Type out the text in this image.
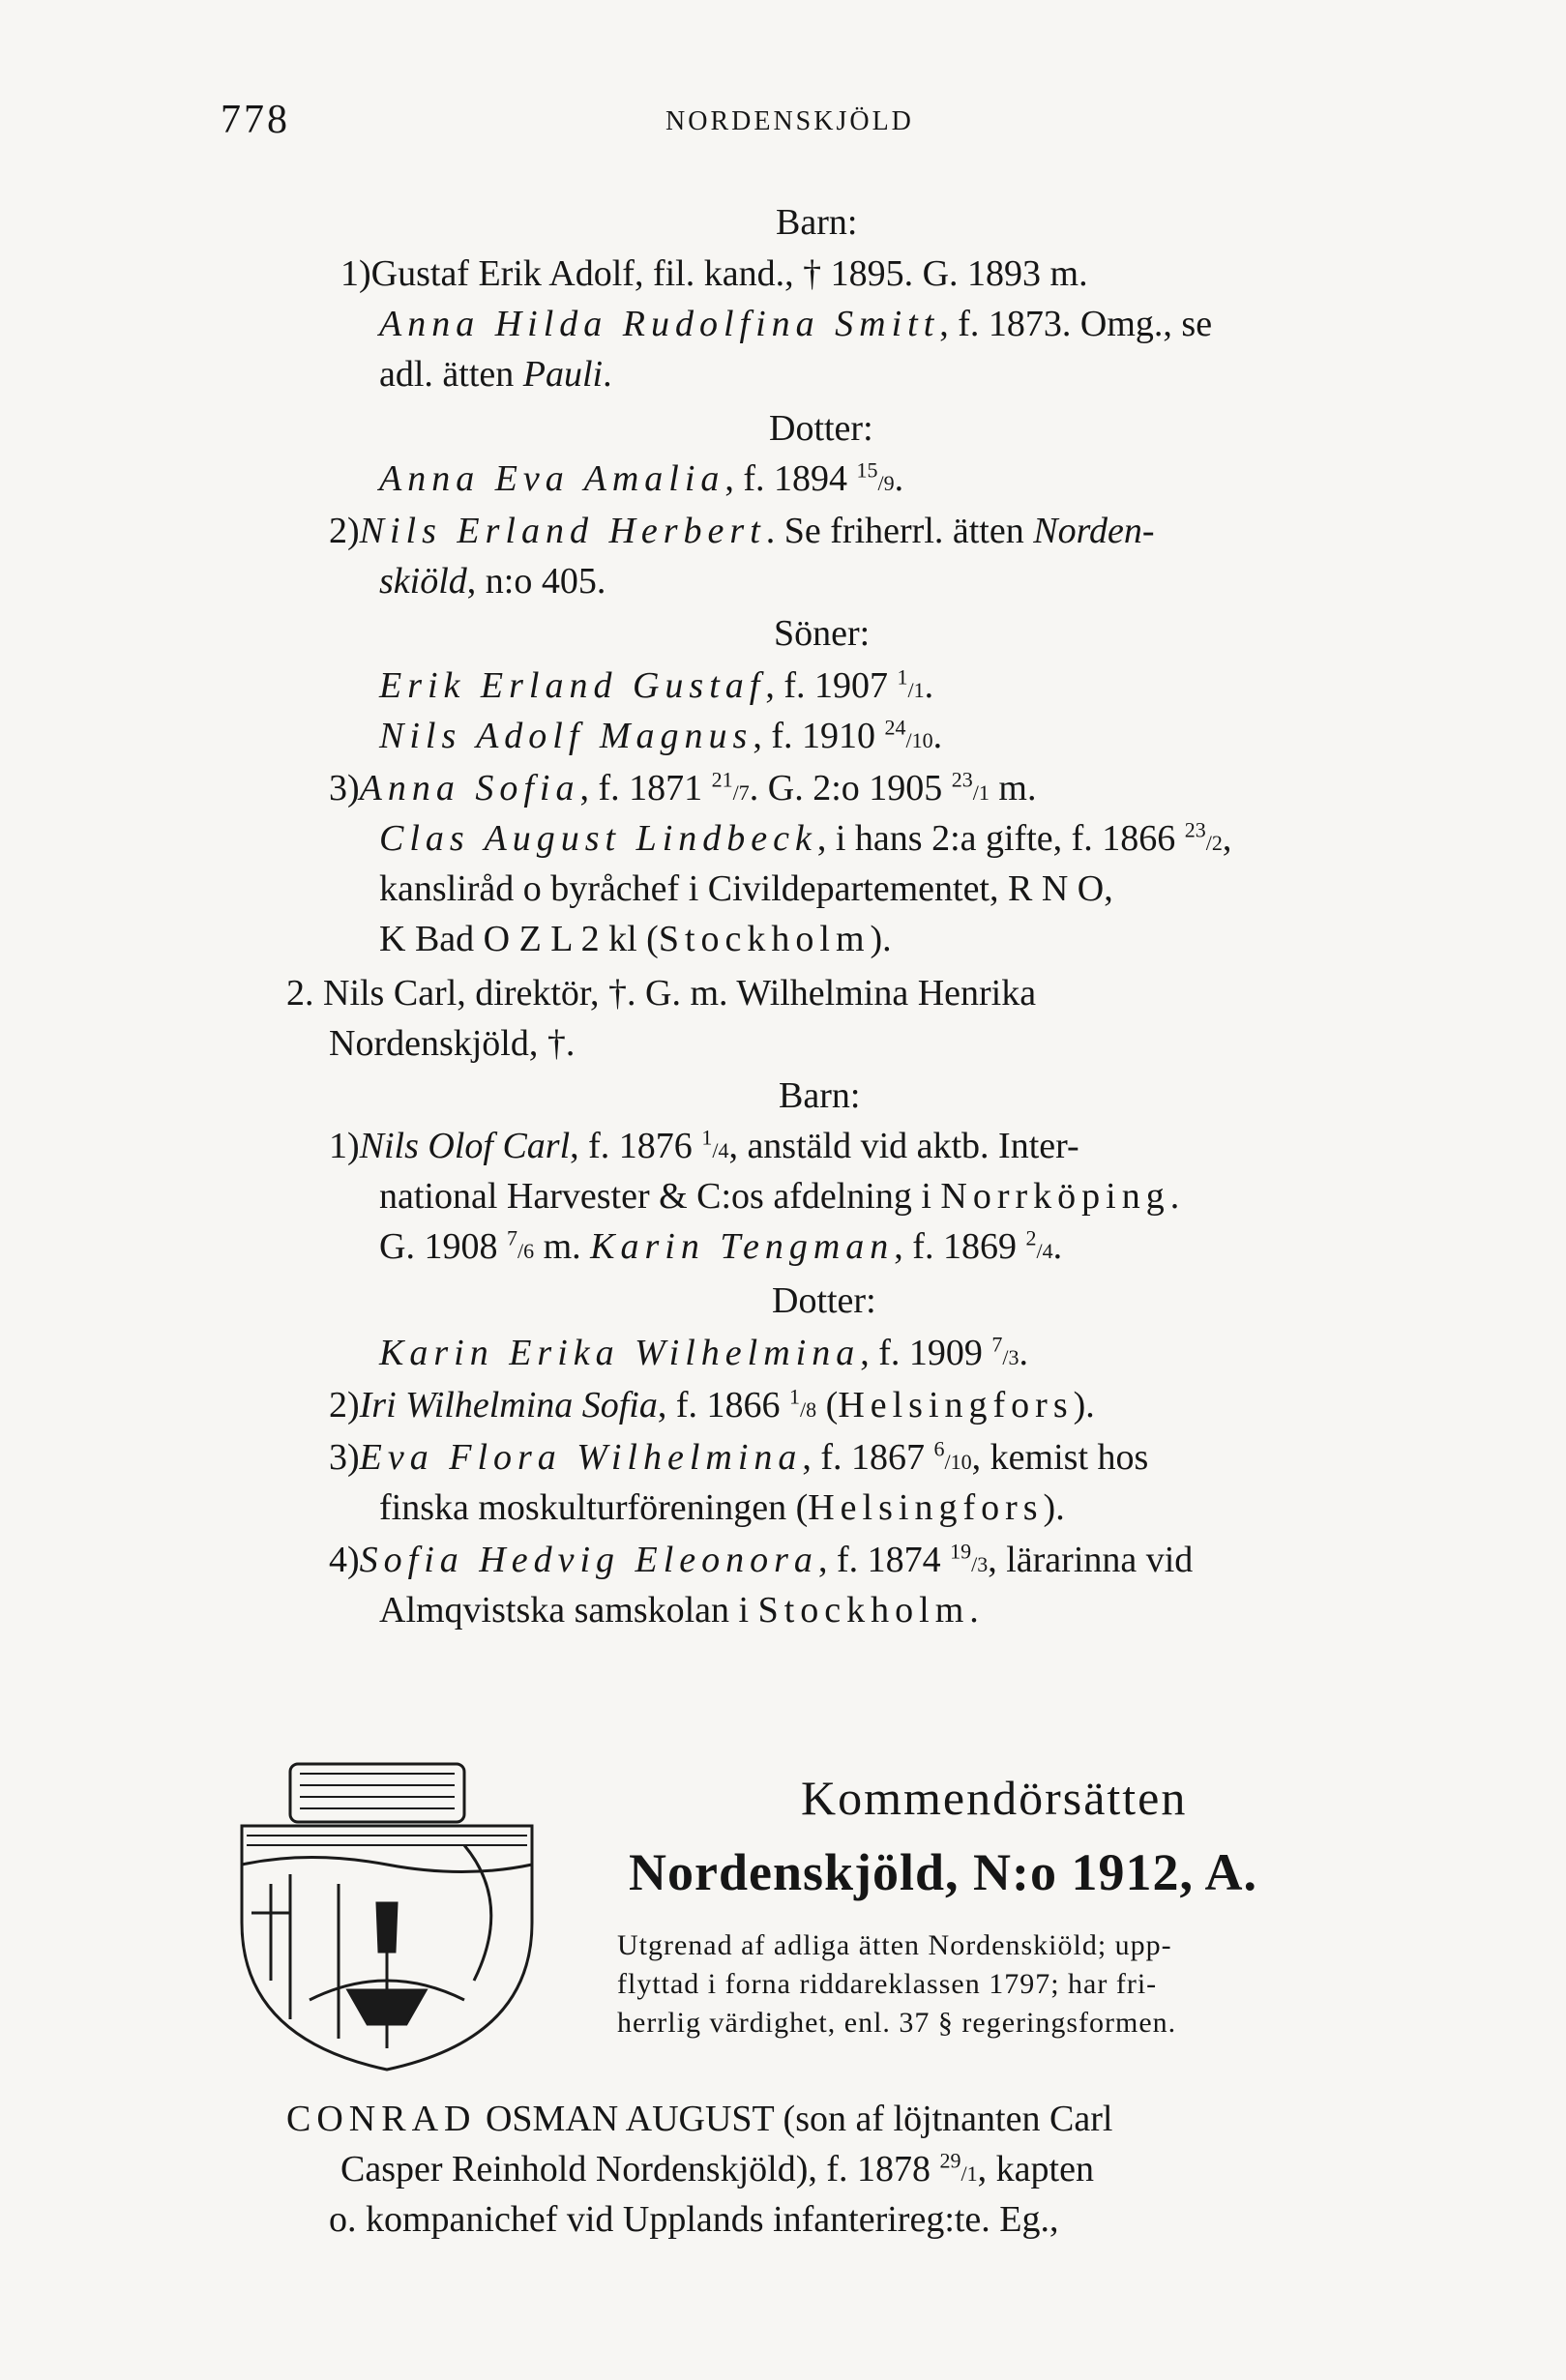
778	NORDENSKJÖLD
Barn:
1)Gustaf Erik Adolf, fil. kand., † 1895. G. 1893 m.
Anna Hilda Rudolfina Smitt, f. 1873. Omg., se
adl. ätten Pauli.
Dotter:
Anna Eva Amalia, f. 1894 $^{15}$/9.
2)Nils Erland Herbert. Se friherrl. ätten Norden-
skiöld, n:o 405.
Söner:
Erik Erland Gustaf, f. 1907 $^1$/1.
Nils Adolf Magnus, f. 1910 $^{24}$/10.
3)Anna Sofia, f. 1871 $^{21}$/7. G. 2:o 1905 $^{23}$/1 m.
Clas August Lindbeck, i hans 2:a gifte, f. 1866 $^{23}$/2,
kansliråd o byråchef i Civildepartementet, R N O,
K Bad O Z L 2 kl (Stockholm).
2. Nils Carl, direktör, †. G. m. Wilhelmina Henrika
Nordenskjöld, †.
Barn:
1)Nils Olof Carl, f. 1876 $^1$/4, anstäld vid aktb. Inter-
national Harvester & C:os afdelning i Norrköping.
G. 1908 $^7$/6 m. Karin Tengman, f. 1869 $^2$/4.
Dotter:
Karin Erika Wilhelmina, f. 1909 $^7$/3.
2)Iri Wilhelmina Sofia, f. 1866 $^1$/8 (Helsingfors).
3)Eva Flora Wilhelmina, f. 1867 $^6$/10, kemist hos
finska moskulturföreningen (Helsingfors).
4)Sofia Hedvig Eleonora, f. 1874 $^{19}$/3, lärarinna vid
Almqvistska samskolan i Stockholm.
Kommendörsätten
Nordenskjöld, N:o 1912, A.
Utgrenad af adliga ätten Nordenskiöld; upp-
flyttad i forna riddareklassen 1797; har fri-
herrlig värdighet, enl. 37 § regeringsformen.
CONRAD OSMAN AUGUST (son af löjtnanten Carl
Casper Reinhold Nordenskjöld), f. 1878 $^{29}$/1, kapten
o. kompanichef vid Upplands infanterireg:te. Eg.,
